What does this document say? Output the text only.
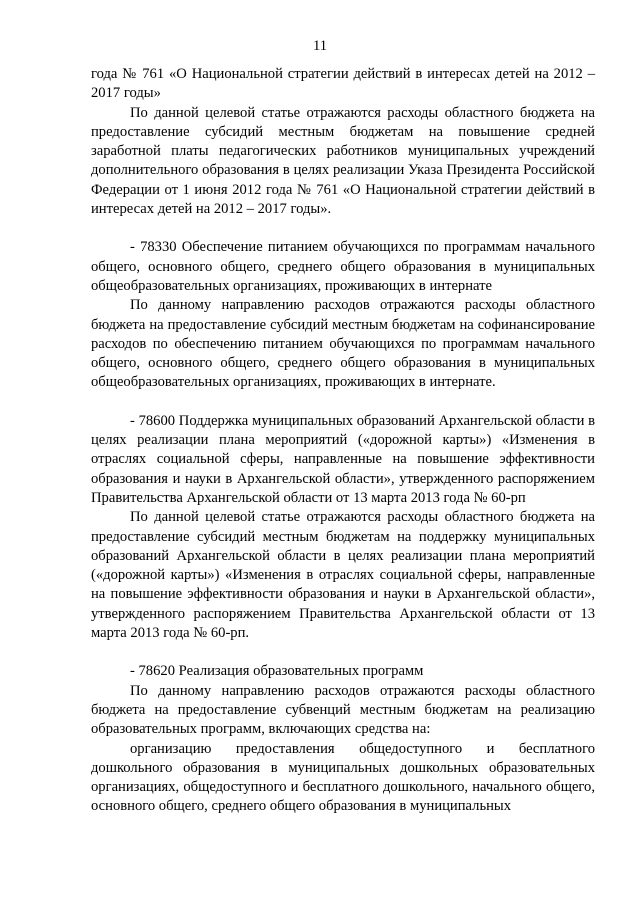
11

года № 761 «О Национальной стратегии действий в интересах детей на 2012 – 2017 годы»

По данной целевой статье отражаются расходы областного бюджета на предоставление субсидий местным бюджетам на повышение средней заработной платы педагогических работников муниципальных учреждений дополнительного образования в целях реализации Указа Президента Российской Федерации от 1 июня 2012 года № 761 «О Национальной стратегии действий в интересах детей на 2012 – 2017 годы».

- 78330 Обеспечение питанием обучающихся по программам начального общего, основного общего, среднего общего образования в муниципальных общеобразовательных организациях, проживающих в интернате

По данному направлению расходов отражаются расходы областного бюджета на предоставление субсидий местным бюджетам на софинансирование расходов по обеспечению питанием обучающихся по программам начального общего, основного общего, среднего общего образования в муниципальных общеобразовательных организациях, проживающих в интернате.

- 78600 Поддержка муниципальных образований Архангельской области в целях реализации плана мероприятий («дорожной карты») «Изменения в отраслях социальной сферы, направленные на повышение эффективности образования и науки в Архангельской области», утвержденного распоряжением Правительства Архангельской области от 13 марта 2013 года № 60-рп

По данной целевой статье отражаются расходы областного бюджета на предоставление субсидий местным бюджетам на поддержку муниципальных образований Архангельской области в целях реализации плана мероприятий («дорожной карты») «Изменения в отраслях социальной сферы, направленные на повышение эффективности образования и науки в Архангельской области», утвержденного распоряжением Правительства Архангельской области от 13 марта 2013 года № 60-рп.

- 78620 Реализация образовательных программ

По данному направлению расходов отражаются расходы областного бюджета на предоставление субвенций местным бюджетам на реализацию образовательных программ, включающих средства на:

организацию предоставления общедоступного и бесплатного дошкольного образования в муниципальных дошкольных образовательных организациях, общедоступного и бесплатного дошкольного, начального общего, основного общего, среднего общего образования в муниципальных
